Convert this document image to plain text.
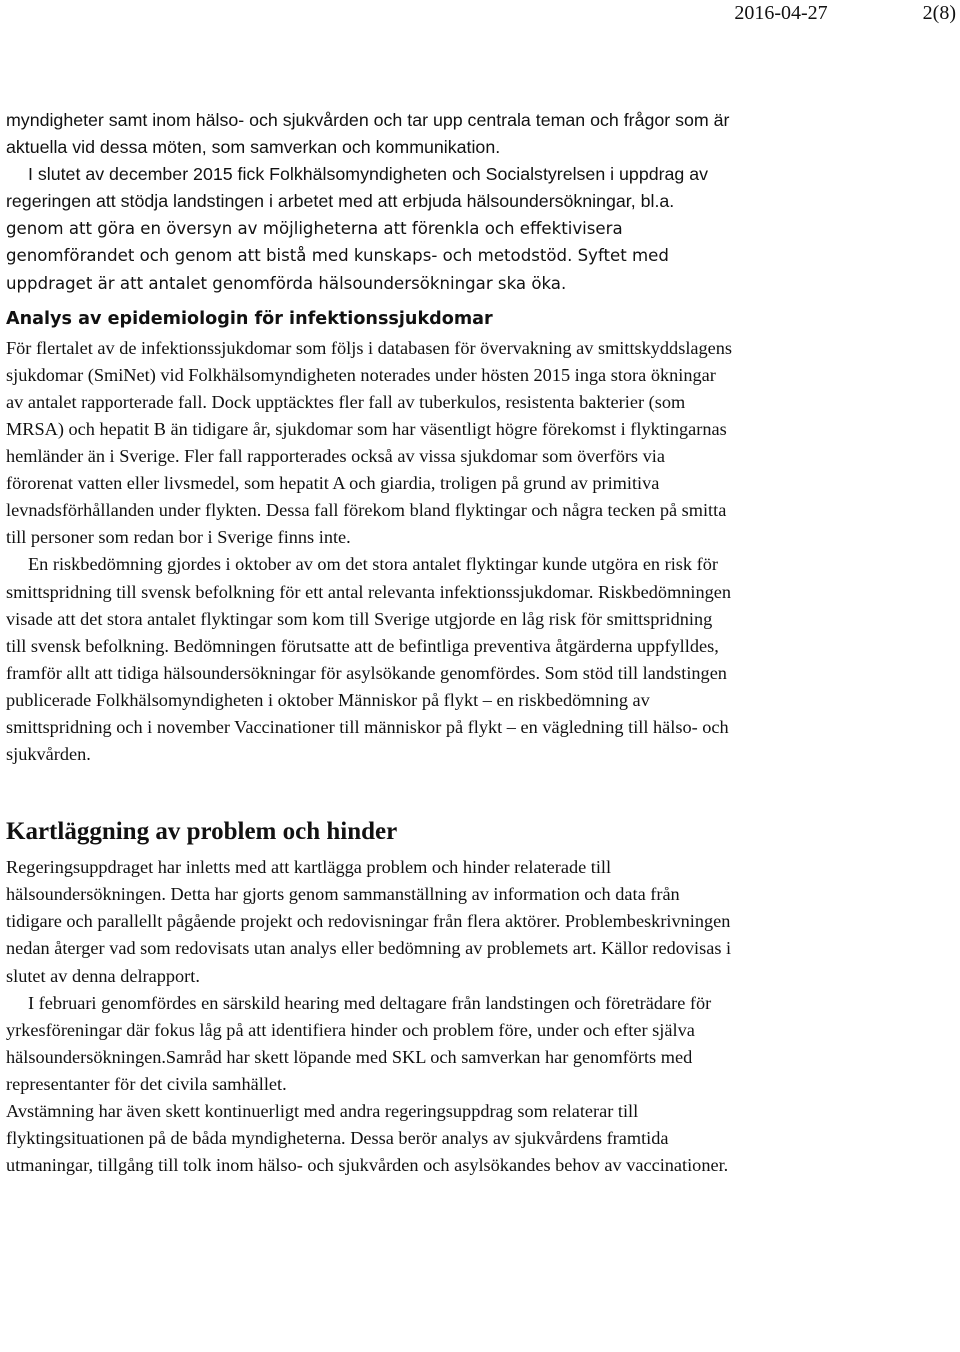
2016-04-27	2(8)

myndigheter samt inom hälso- och sjukvården och tar upp centrala teman och frågor som är aktuella vid dessa möten, som samverkan och kommunikation.

I slutet av december 2015 fick Folkhälsomyndigheten och Socialstyrelsen i uppdrag av regeringen att stödja landstingen i arbetet med att erbjuda hälsoundersökningar, bl.a. genom att göra en översyn av möjligheterna att förenkla och effektivisera genomförandet och genom att bistå med kunskaps- och metodstöd. Syftet med uppdraget är att antalet genomförda hälsoundersökningar ska öka.

Analys av epidemiologin för infektionssjukdomar

För flertalet av de infektionssjukdomar som följs i databasen för övervakning av smittskyddslagens sjukdomar (SmiNet) vid Folkhälsomyndigheten noterades under hösten 2015 inga stora ökningar av antalet rapporterade fall. Dock upptäcktes fler fall av tuberkulos, resistenta bakterier (som MRSA) och hepatit B än tidigare år, sjukdomar som har väsentligt högre förekomst i flyktingarnas hemländer än i Sverige. Fler fall rapporterades också av vissa sjukdomar som överförs via förorenat vatten eller livsmedel, som hepatit A och giardia, troligen på grund av primitiva levnadsförhållanden under flykten. Dessa fall förekom bland flyktingar och några tecken på smitta till personer som redan bor i Sverige finns inte.

En riskbedömning gjordes i oktober av om det stora antalet flyktingar kunde utgöra en risk för smittspridning till svensk befolkning för ett antal relevanta infektionssjukdomar. Riskbedömningen visade att det stora antalet flyktingar som kom till Sverige utgjorde en låg risk för smittspridning till svensk befolkning. Bedömningen förutsatte att de befintliga preventiva åtgärderna uppfylldes, framför allt att tidiga hälsoundersökningar för asylsökande genomfördes. Som stöd till landstingen publicerade Folkhälsomyndigheten i oktober Människor på flykt – en riskbedömning av smittspridning och i november Vaccinationer till människor på flykt – en vägledning till hälso- och sjukvården.

Kartläggning av problem och hinder

Regeringsuppdraget har inletts med att kartlägga problem och hinder relaterade till hälsoundersökningen. Detta har gjorts genom sammanställning av information och data från tidigare och parallellt pågående projekt och redovisningar från flera aktörer. Problembeskrivningen nedan återger vad som redovisats utan analys eller bedömning av problemets art. Källor redovisas i slutet av denna delrapport.

I februari genomfördes en särskild hearing med deltagare från landstingen och företrädare för yrkesföreningar där fokus låg på att identifiera hinder och problem före, under och efter själva hälsoundersökningen.Samråd har skett löpande med SKL och samverkan har genomförts med representanter för det civila samhället.

Avstämning har även skett kontinuerligt med andra regeringsuppdrag som relaterar till flyktingsituationen på de båda myndigheterna. Dessa berör analys av sjukvårdens framtida utmaningar, tillgång till tolk inom hälso- och sjukvården och asylsökandes behov av vaccinationer.
